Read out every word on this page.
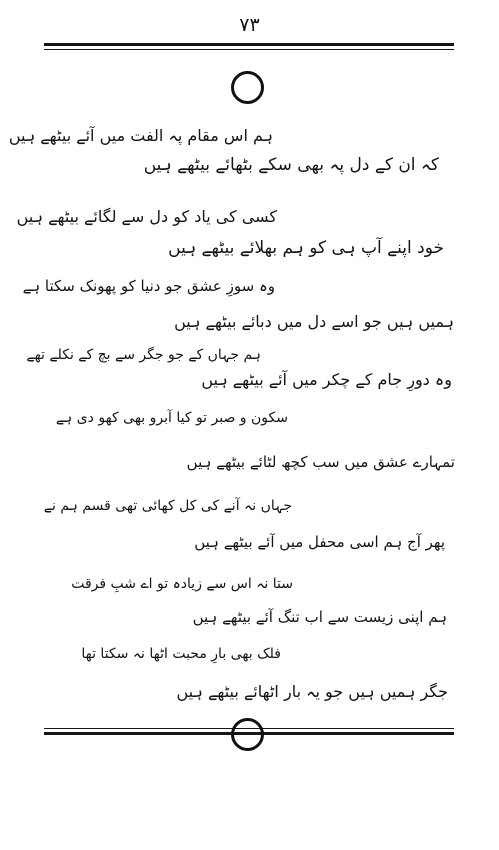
۷۳
ہم اس مقام پہ الفت میں آئے بیٹھے ہیں
کہ ان کے دل پہ بھی سکے بٹھائے بیٹھے ہیں
کسی کی یاد کو دل سے لگائے بیٹھے ہیں
خود اپنے آپ ہی کو ہم بھلائے بیٹھے ہیں
وہ سوزِ عشق جو دنیا کو پھونک سکتا ہے
ہمیں ہیں جو اسے دل میں دبائے بیٹھے ہیں
ہم جہاں کے جو جگر سے بچ کے نکلے تھے
وہ دورِ جام کے چکر میں آئے بیٹھے ہیں
سکون و صبر تو کیا آبرو بھی کھو دی ہے
تمہارے عشق میں سب کچھ لٹائے بیٹھے ہیں
جہاں نہ آنے کی کل کھائی تھی قسم ہم نے
پھر آج ہم اسی محفل میں آئے بیٹھے ہیں
ستا نہ اس سے زیادہ تو اے شبِ فرقت
ہم اپنی زیست سے اب تنگ آئے بیٹھے ہیں
فلک بھی بارِ محبت اٹھا نہ سکتا تھا
جگر ہمیں ہیں جو یہ بار اٹھائے بیٹھے ہیں
